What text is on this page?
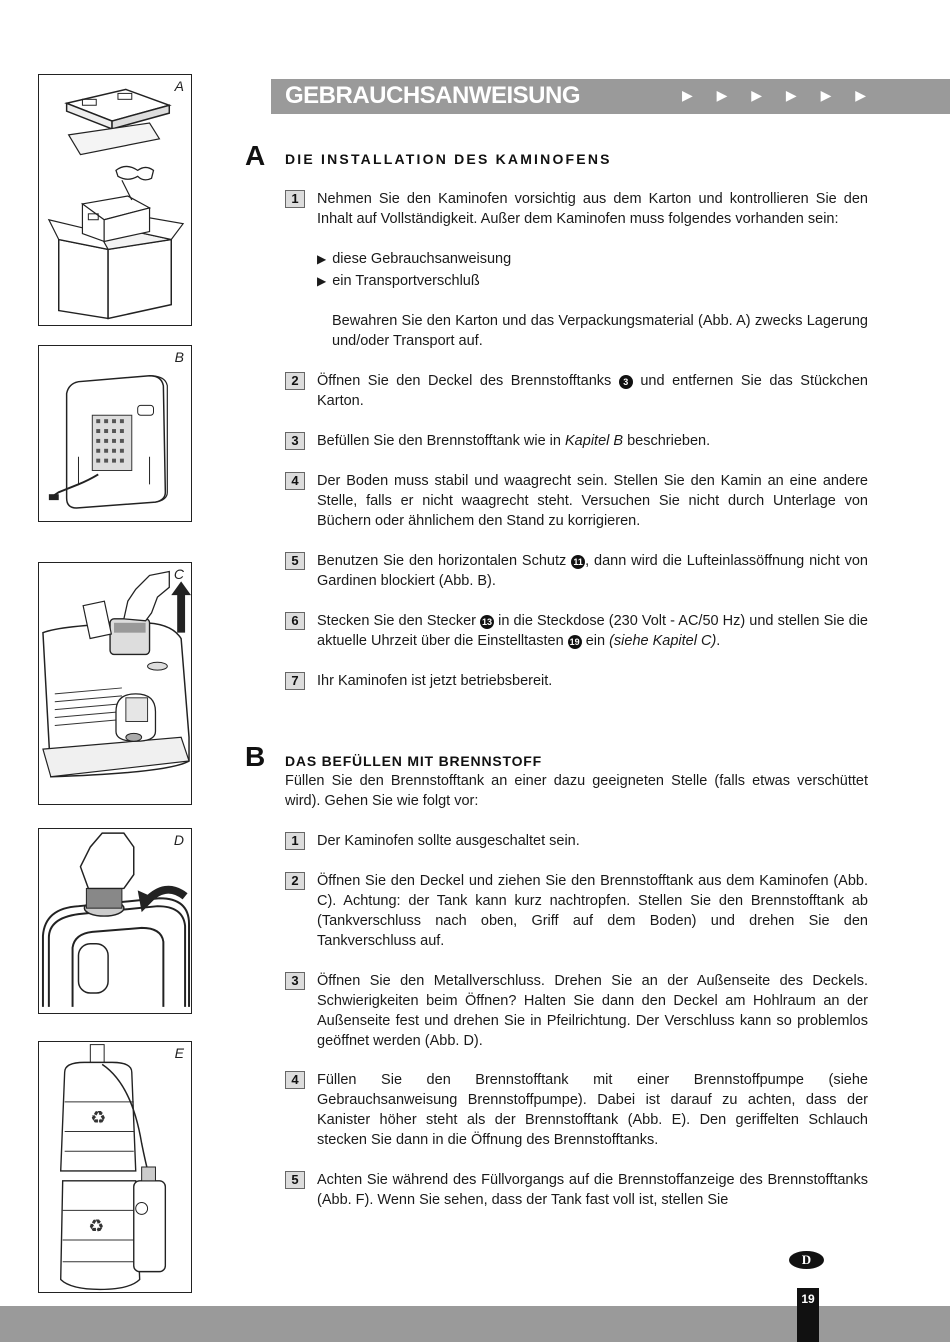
A
B
C
D
♻
♻
E
GEBRAUCHSANWEISUNG	▶ ▶ ▶ ▶ ▶ ▶
A DIE INSTALLATION DES KAMINOFENS
1	Nehmen Sie den Kaminofen vorsichtig aus dem Karton und kontrollieren Sie den Inhalt auf Vollständigkeit. Außer dem Kaminofen muss folgendes vorhanden sein:
▶ diese Gebrauchsanweisung
▶ ein Transportverschluß
Bewahren Sie den Karton und das Verpackungsmaterial (Abb. A) zwecks Lagerung und/oder Transport auf.
2	Öffnen Sie den Deckel des Brennstofftanks 3 und entfernen Sie das Stückchen Karton.
3	Befüllen Sie den Brennstofftank wie in Kapitel B beschrieben.
4	Der Boden muss stabil und waagrecht sein. Stellen Sie den Kamin an eine andere Stelle, falls er nicht waagrecht steht. Versuchen Sie nicht durch Unterlage von Büchern oder ähnlichem den Stand zu korrigieren.
5	Benutzen Sie den horizontalen Schutz 11 , dann wird die Lufteinlassöffnung nicht von Gardinen blockiert (Abb. B).
6	Stecken Sie den Stecker 13 in die Steckdose (230 Volt - AC/50 Hz) und stellen Sie die aktuelle Uhrzeit über die Einstelltasten 19 ein (siehe Kapitel C).
7	Ihr Kaminofen ist jetzt betriebsbereit.
B DAS BEFÜLLEN MIT BRENNSTOFF
Füllen Sie den Brennstofftank an einer dazu geeigneten Stelle (falls etwas verschüttet wird). Gehen Sie wie folgt vor:
1	Der Kaminofen sollte ausgeschaltet sein.
2	Öffnen Sie den Deckel und ziehen Sie den Brennstofftank aus dem Kaminofen (Abb. C). Achtung: der Tank kann kurz nachtropfen. Stellen Sie den Brennstofftank ab (Tankverschluss nach oben, Griff auf dem Boden) und drehen Sie den Tankverschluss auf.
3	Öffnen Sie den Metallverschluss. Drehen Sie an der Außenseite des Deckels. Schwierigkeiten beim Öffnen? Halten Sie dann den Deckel am Hohlraum an der Außenseite fest und drehen Sie in Pfeilrichtung. Der Verschluss kann so problemlos geöffnet werden (Abb. D).
4	Füllen Sie den Brennstofftank mit einer Brennstoffpumpe (siehe Gebrauchsanweisung Brennstoffpumpe). Dabei ist darauf zu achten, dass der Kanister höher steht als der Brennstofftank (Abb. E). Den geriffelten Schlauch stecken Sie dann in die Öffnung des Brennstofftanks.
5	Achten Sie während des Füllvorgangs auf die Brennstoffanzeige des Brennstofftanks (Abb. F). Wenn Sie sehen, dass der Tank fast voll ist, stellen Sie
D
19
